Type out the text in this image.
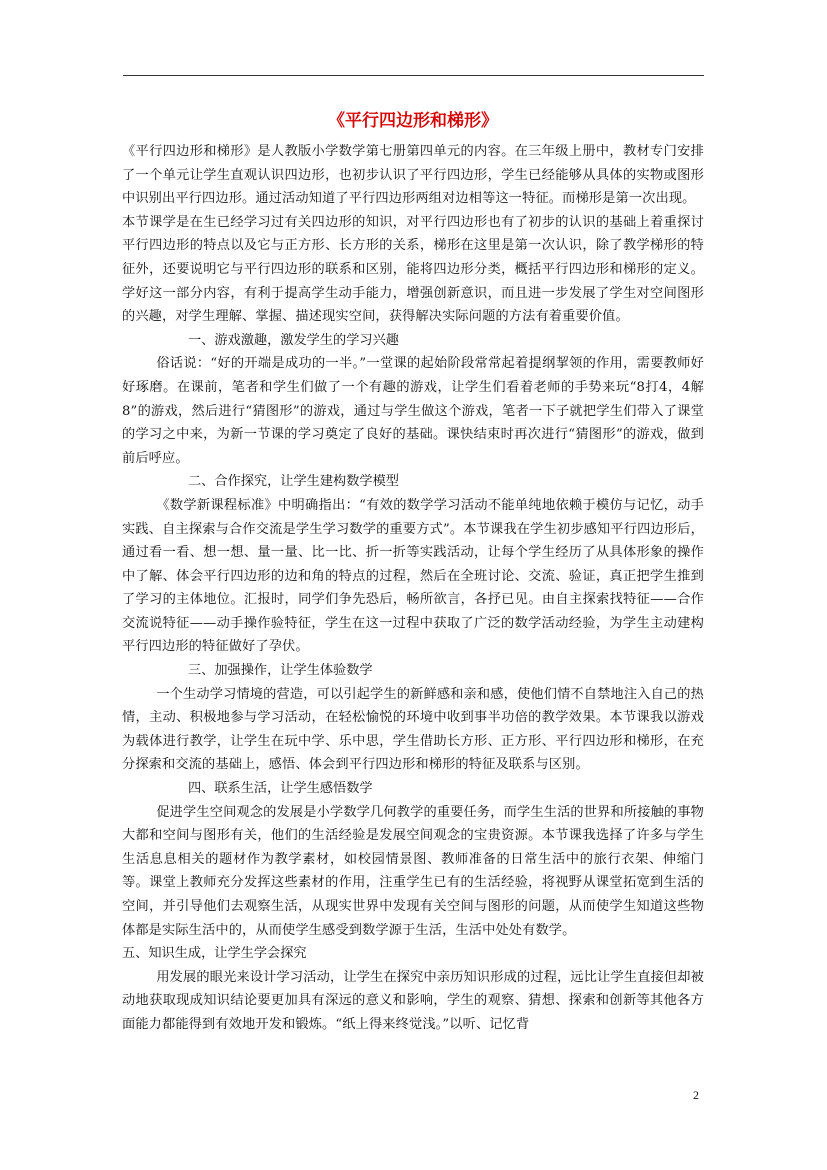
《平行四边形和梯形》

《平行四边形和梯形》是人教版小学数学第七册第四单元的内容。在三年级上册中，教材专门安排了一个单元让学生直观认识四边形，也初步认识了平行四边形，学生已经能够从具体的实物或图形中识别出平行四边形。通过活动知道了平行四边形两组对边相等这一特征。而梯形是第一次出现。

本节课学是在生已经学习过有关四边形的知识，对平行四边形也有了初步的认识的基础上着重探讨平行四边形的特点以及它与正方形、长方形的关系，梯形在这里是第一次认识，除了教学梯形的特征外，还要说明它与平行四边形的联系和区别，能将四边形分类，概括平行四边形和梯形的定义。学好这一部分内容，有利于提高学生动手能力，增强创新意识，而且进一步发展了学生对空间图形的兴趣，对学生理解、掌握、描述现实空间，获得解决实际问题的方法有着重要价值。

一、游戏激趣，激发学生的学习兴趣

俗话说：“好的开端是成功的一半。”一堂课的起始阶段常常起着提纲挈领的作用，需要教师好好琢磨。在课前，笔者和学生们做了一个有趣的游戏，让学生们看着老师的手势来玩“8打4，4解8”的游戏，然后进行“猜图形”的游戏，通过与学生做这个游戏，笔者一下子就把学生们带入了课堂的学习之中来，为新一节课的学习奠定了良好的基础。课快结束时再次进行“猜图形”的游戏，做到前后呼应。

二、合作探究，让学生建构数学模型

《数学新课程标准》中明确指出：“有效的数学学习活动不能单纯地依赖于模仿与记忆，动手实践、自主探索与合作交流是学生学习数学的重要方式”。本节课我在学生初步感知平行四边形后，通过看一看、想一想、量一量、比一比、折一折等实践活动，让每个学生经历了从具体形象的操作中了解、体会平行四边形的边和角的特点的过程，然后在全班讨论、交流、验证，真正把学生推到了学习的主体地位。汇报时，同学们争先恐后，畅所欲言，各抒已见。由自主探索找特征——合作交流说特征——动手操作验特征，学生在这一过程中获取了广泛的数学活动经验，为学生主动建构平行四边形的特征做好了孕伏。

三、加强操作，让学生体验数学

一个生动学习情境的营造，可以引起学生的新鲜感和亲和感，使他们情不自禁地注入自己的热情，主动、积极地参与学习活动，在轻松愉悦的环境中收到事半功倍的教学效果。本节课我以游戏为载体进行教学，让学生在玩中学、乐中思，学生借助长方形、正方形、平行四边形和梯形，在充分探索和交流的基础上，感悟、体会到平行四边形和梯形的特征及联系与区别。

四、联系生活，让学生感悟数学

促进学生空间观念的发展是小学数学几何教学的重要任务，而学生生活的世界和所接触的事物大都和空间与图形有关，他们的生活经验是发展空间观念的宝贵资源。本节课我选择了许多与学生生活息息相关的题材作为教学素材，如校园情景图、教师准备的日常生活中的旅行衣架、伸缩门等。课堂上教师充分发挥这些素材的作用，注重学生已有的生活经验，将视野从课堂拓宽到生活的空间，并引导他们去观察生活，从现实世界中发现有关空间与图形的问题，从而使学生知道这些物体都是实际生活中的，从而使学生感受到数学源于生活，生活中处处有数学。

五、知识生成，让学生学会探究

用发展的眼光来设计学习活动，让学生在探究中亲历知识形成的过程，远比让学生直接但却被动地获取现成知识结论要更加具有深远的意义和影响，学生的观察、猜想、探索和创新等其他各方面能力都能得到有效地开发和锻炼。“纸上得来终觉浅。”以听、记忆背

2
